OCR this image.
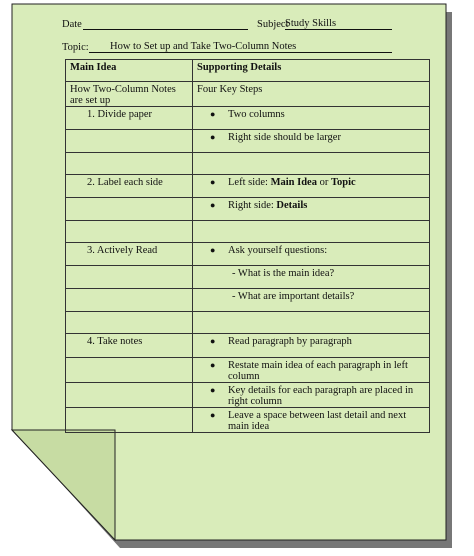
Date	Subject
Study Skills
Topic: How to Set up and Take Two-Column Notes
Main Idea	Supporting Details
How Two-Column Notes are set up	Four Key Steps
1. Divide paper	● Two columns

	● Right side should be larger

2. Label each side	● Left side: Main Idea or Topic

	● Right side: Details

3. Actively Read	● Ask yourself questions:

	- What is the main idea?

	- What are important details?

4. Take notes	● Read paragraph by paragraph

	● Restate main idea of each paragraph in left column

	● Key details for each paragraph are placed in right column

	● Leave a space between last detail and next main idea
